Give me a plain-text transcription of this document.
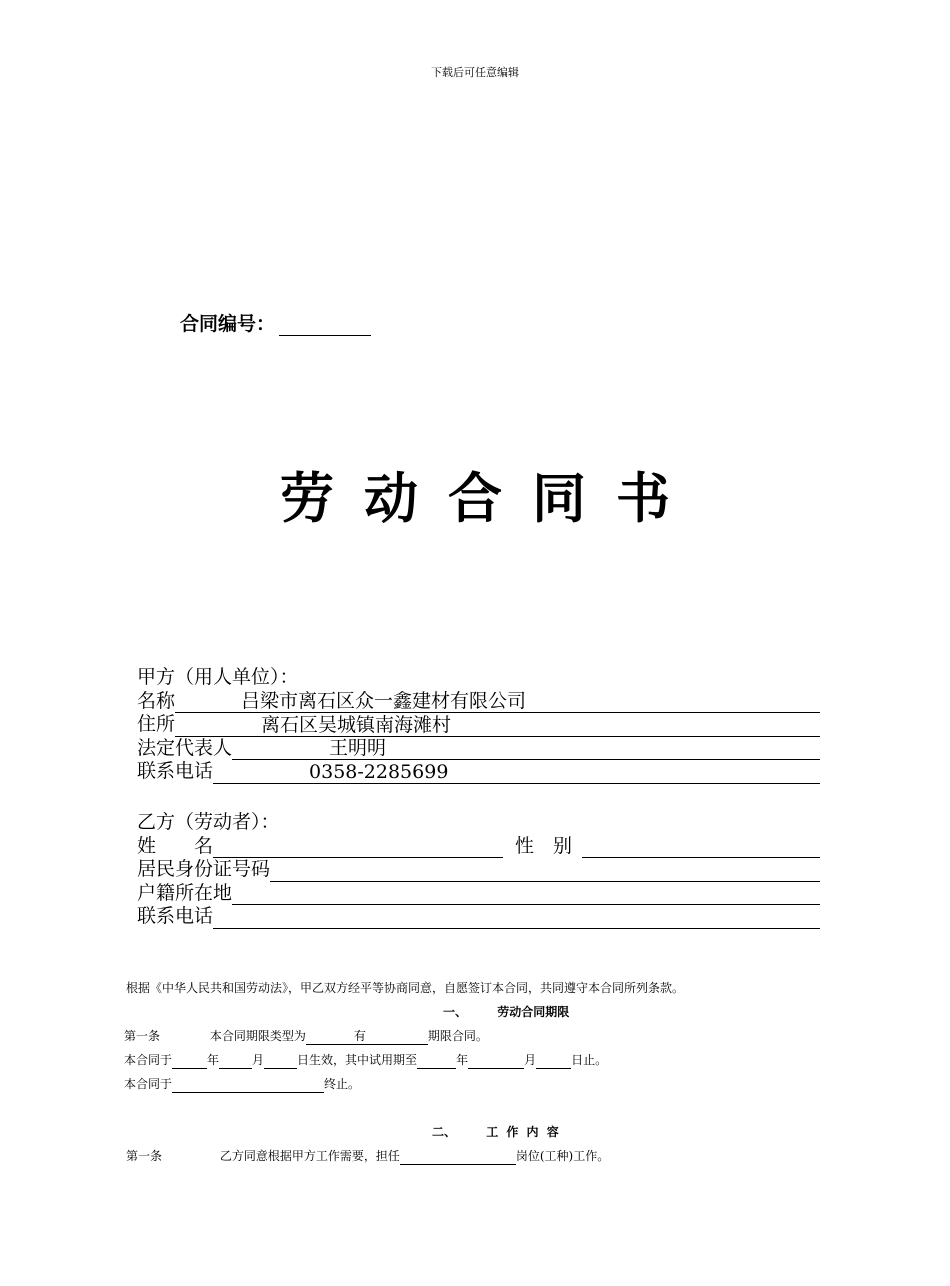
下载后可任意编辑
合同编号：
劳动合同书
甲方（用人单位）：
名称	吕梁市离石区众一鑫建材有限公司
住所	离石区吴城镇南海滩村
法定代表人	王明明
联系电话	0358-2285699
乙方（劳动者）：
姓　　名	性　别
居民身份证号码
户籍所在地
联系电话
根据《中华人民共和国劳动法》，甲乙双方经平等协商同意，自愿签订本合同，共同遵守本合同所列条款。
一、	劳动合同期限
第一条	本合同期限类型为	有	期限合同。
本合同于	年	月	日生效，其中试用期至	年	月	日止。
本合同于	终止。
二、	工 作 内 容
第一条	乙方同意根据甲方工作需要，担任	岗位(工种)工作。
